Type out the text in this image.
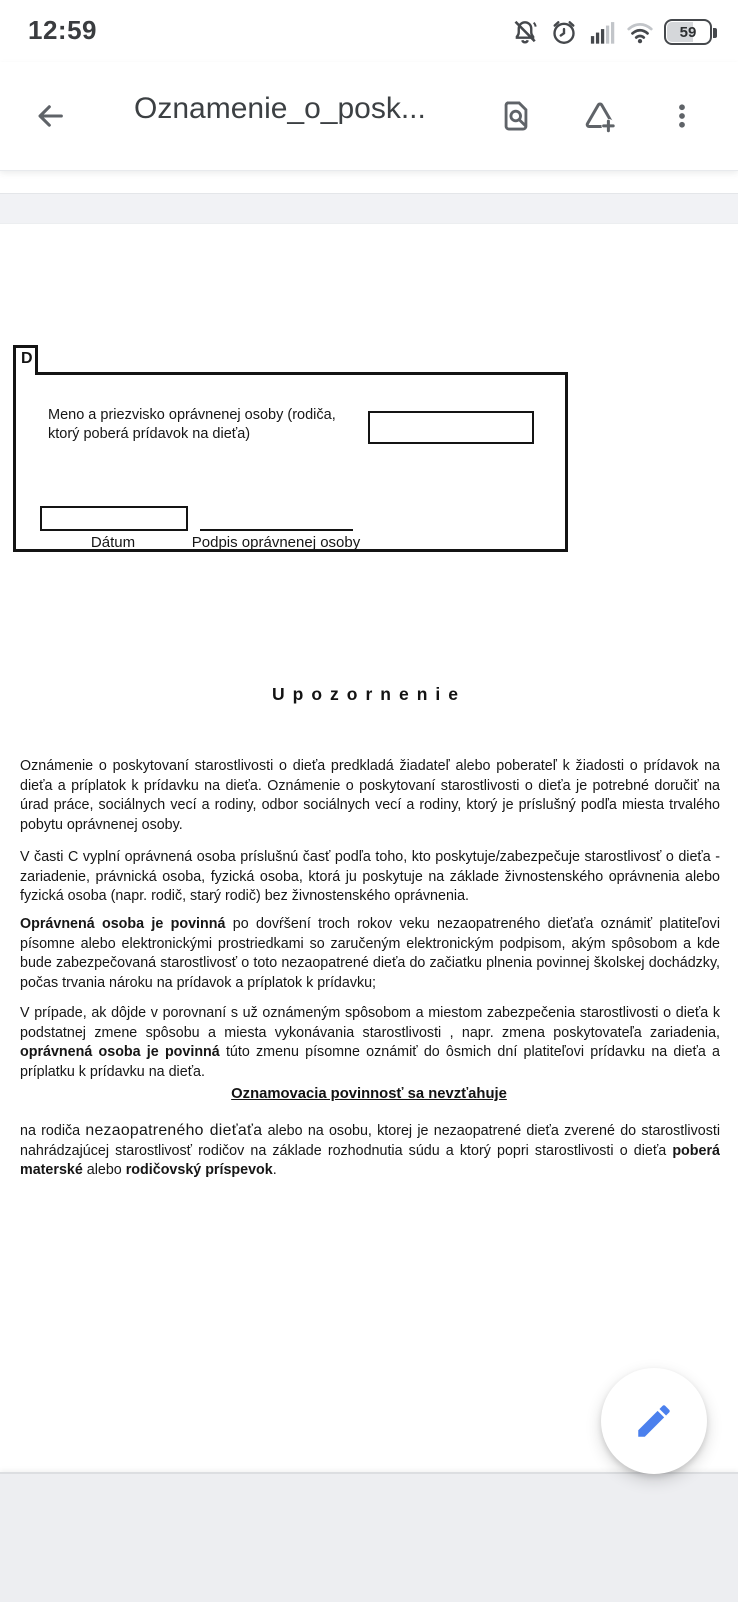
12:59	59
Oznamenie_o_posk...
D
Meno a priezvisko oprávnenej osoby (rodiča, ktorý poberá prídavok na dieťa)
Dátum	Podpis oprávnenej osoby
Upozornenie

Oznámenie o poskytovaní starostlivosti o dieťa predkladá žiadateľ alebo poberateľ k žiadosti o prídavok na dieťa a príplatok k prídavku na dieťa. Oznámenie o poskytovaní starostlivosti o dieťa je potrebné doručiť na úrad práce, sociálnych vecí a rodiny, odbor sociálnych vecí a rodiny, ktorý je príslušný podľa miesta trvalého pobytu oprávnenej osoby.

V časti C vyplní oprávnená osoba príslušnú časť podľa toho, kto poskytuje/zabezpečuje starostlivosť o dieťa - zariadenie, právnická osoba, fyzická osoba, ktorá ju poskytuje na základe živnostenského oprávnenia alebo fyzická osoba (napr. rodič, starý rodič) bez živnostenského oprávnenia.

Oprávnená osoba je povinná po dovŕšení troch rokov veku nezaopatreného dieťaťa oznámiť platiteľovi písomne alebo elektronickými prostriedkami so zaručeným elektronickým podpisom, akým spôsobom a kde bude zabezpečovaná starostlivosť o toto nezaopatrené dieťa do začiatku plnenia povinnej školskej dochádzky, počas trvania nároku na prídavok a príplatok k prídavku;

V prípade, ak dôjde v porovnaní s už oznámeným spôsobom a miestom zabezpečenia starostlivosti o dieťa k podstatnej zmene spôsobu a miesta vykonávania starostlivosti , napr. zmena poskytovateľa zariadenia, oprávnená osoba je povinná túto zmenu písomne oznámiť do ôsmich dní platiteľovi prídavku na dieťa a príplatku k prídavku na dieťa.

Oznamovacia povinnosť sa nevzťahuje

na rodiča nezaopatreného dieťaťa alebo na osobu, ktorej je nezaopatrené dieťa zverené do starostlivosti nahrádzajúcej starostlivosť rodičov na základe rozhodnutia súdu a ktorý popri starostlivosti o dieťa poberá materské alebo rodičovský príspevok.
